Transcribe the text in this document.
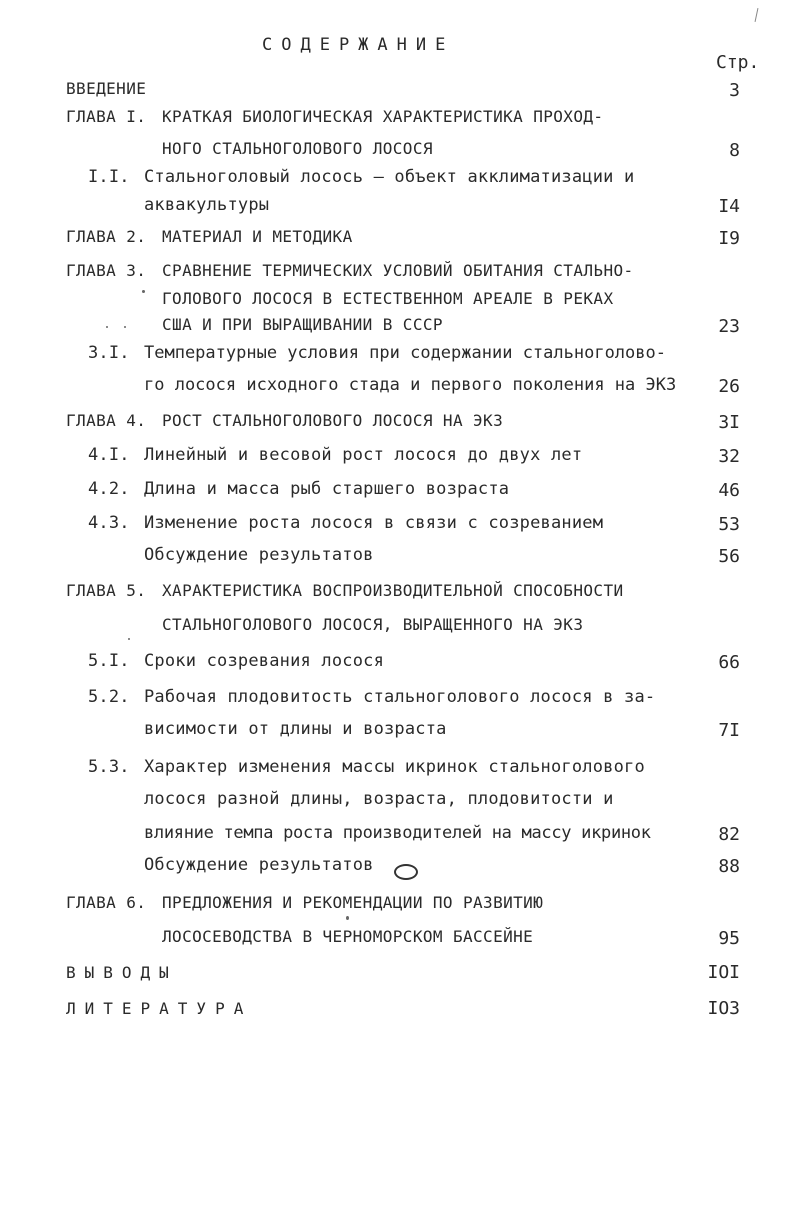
СОДЕРЖАНИЕ
Стр.
ВВЕДЕНИЕ	3
ГЛАВА I. КРАТКАЯ БИОЛОГИЧЕСКАЯ ХАРАКТЕРИСТИКА ПРОХОД-
НОГО СТАЛЬНОГОЛОВОГО ЛОСОСЯ	8
I.I. Стальноголовый лосось – объект акклиматизации и
аквакультуры	I4
ГЛАВА 2. МАТЕРИАЛ И МЕТОДИКА	I9
ГЛАВА 3. СРАВНЕНИЕ ТЕРМИЧЕСКИХ УСЛОВИЙ ОБИТАНИЯ СТАЛЬНО-
ГОЛОВОГО ЛОСОСЯ В ЕСТЕСТВЕННОМ АРЕАЛЕ В РЕКАХ
США И ПРИ ВЫРАЩИВАНИИ В СССР	23
3.I. Температурные условия при содержании стальноголово-
го лосося исходного стада и первого поколения на ЭКЗ 26
ГЛАВА 4. РОСТ СТАЛЬНОГОЛОВОГО ЛОСОСЯ НА ЭКЗ	3I
4.I. Линейный и весовой рост лосося до двух лет	32
4.2. Длина и масса рыб старшего возраста	46
4.3. Изменение роста лосося в связи с созреванием	53
Обсуждение результатов	56
ГЛАВА 5. ХАРАКТЕРИСТИКА ВОСПРОИЗВОДИТЕЛЬНОЙ СПОСОБНОСТИ
СТАЛЬНОГОЛОВОГО ЛОСОСЯ, ВЫРАЩЕННОГО НА ЭКЗ
5.I. Сроки созревания лосося	66
5.2. Рабочая плодовитость стальноголового лосося в за-
висимости от длины и возраста	7I
5.3. Характер изменения массы икринок стальноголового
лосося разной длины, возраста, плодовитости и
влияние темпа роста производителей на массу икринок	82
Обсуждение результатов	88
ГЛАВА 6. ПРЕДЛОЖЕНИЯ И РЕКОМЕНДАЦИИ ПО РАЗВИТИЮ
ЛОСОСЕВОДСТВА В ЧЕРНОМОРСКОМ БАССЕЙНЕ	95
ВЫВОДЫ	IOI
ЛИТЕРАТУРА	IO3
